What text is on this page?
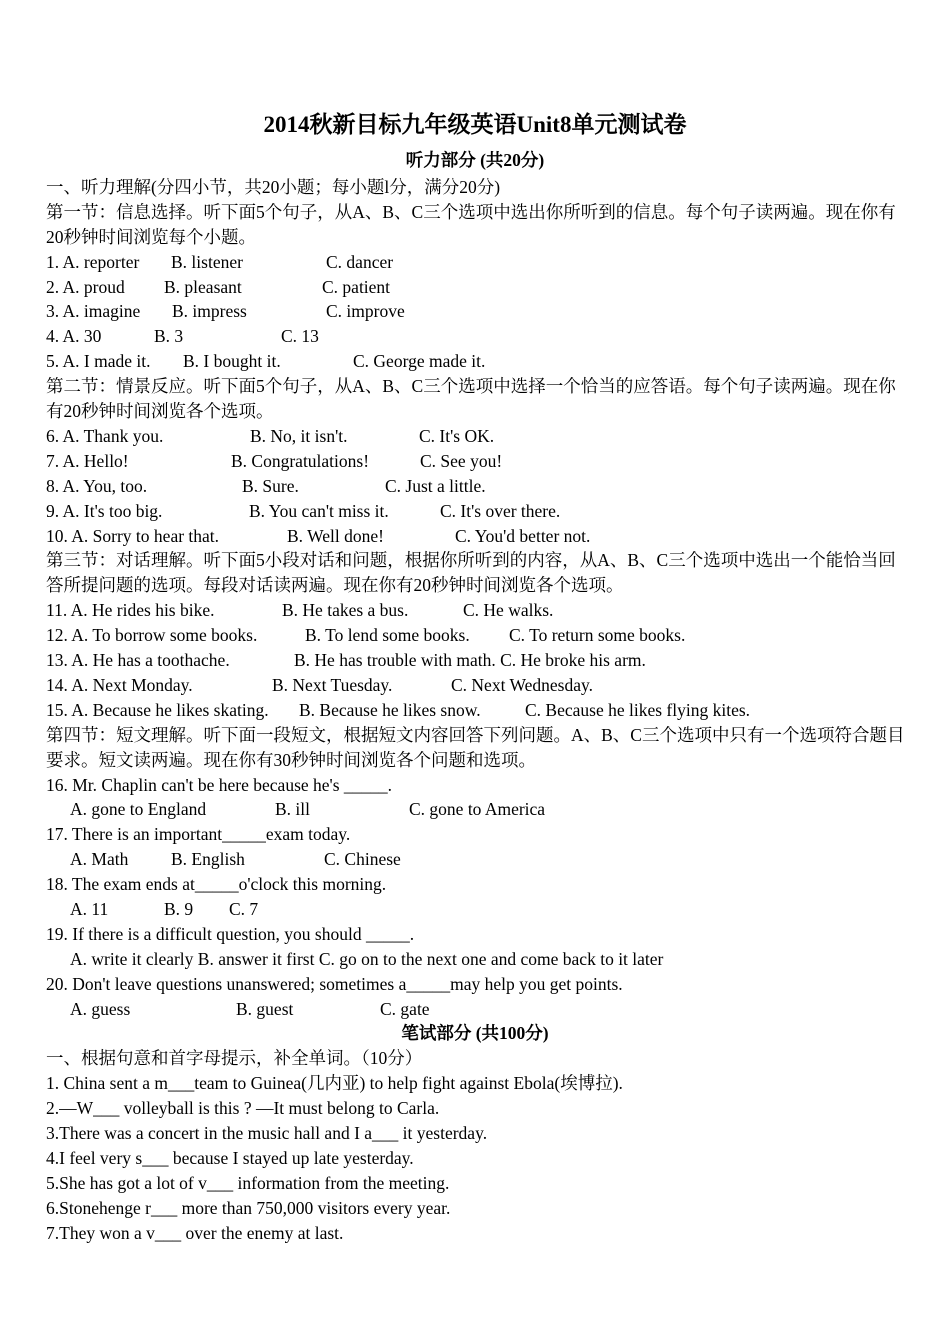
2014秋新目标九年级英语Unit8单元测试卷
听力部分 (共20分)
一、听力理解(分四小节，共20小题；每小题l分，满分20分)
第一节：信息选择。听下面5个句子，从A、B、C三个选项中选出你所听到的信息。每个句子读两遍。现在你有20秒钟时间浏览每个小题。
1. A. reporter B. listener	C. dancer
2. A. proud B. pleasant	C. patient
3. A. imagine B. impress	C. improve
4. A. 30	B. 3	C. 13
5. A. I made it. B. I bought it.	C. George made it.
第二节：情景反应。听下面5个句子，从A、B、C三个选项中选择一个恰当的应答语。每个句子读两遍。现在你有20秒钟时间浏览各个选项。
6. A. Thank you.	B. No, it isn't.	C. It's OK.
7. A. Hello!	B. Congratulations!	C. See you!
8. A. You, too.	B. Sure.	C. Just a little.
9. A. It's too big.	B. You can't miss it.	C. It's over there.
10. A. Sorry to hear that.	B. Well done!	C. You'd better not.
第三节：对话理解。听下面5小段对话和问题，根据你所听到的内容，从A、B、C三个选项中选出一个能恰当回答所提问题的选项。每段对话读两遍。现在你有20秒钟时间浏览各个选项。
11. A. He rides his bike.	B. He takes a bus.	C. He walks.
12. A. To borrow some books.	B. To lend some books. C. To return some books.
13. A. He has a toothache.	B. He has trouble with math. C. He broke his arm.
14. A. Next Monday.	B. Next Tuesday.	C. Next Wednesday.
15. A. Because he likes skating. B. Because he likes snow.	C. Because he likes flying kites.
第四节：短文理解。听下面一段短文，根据短文内容回答下列问题。A、B、C三个选项中只有一个选项符合题目要求。短文读两遍。现在你有30秒钟时间浏览各个问题和选项。
16. Mr. Chaplin can't be here because he's _____.
A. gone to England	B. ill	C. gone to America
17. There is an important_____exam today.
A. Math B. English	C. Chinese
18. The exam ends at_____o'clock this morning.
A. 11	B. 9 C. 7
19. If there is a difficult question, you should _____.
A. write it clearly B. answer it first C. go on to the next one and come back to it later
20. Don't leave questions unanswered; sometimes a_____may help you get points.
A. guess	B. guest	C. gate
笔试部分 (共100分)
一、根据句意和首字母提示，补全单词。（10分）
1. China sent a m___team to Guinea(几内亚) to help fight against Ebola(埃博拉).
2.—W___ volleyball is this ? —It must belong to Carla.
3.There was a concert in the music hall and I a___ it yesterday.
4.I feel very s___ because I stayed up late yesterday.
5.She has got a lot of v___ information from the meeting.
6.Stonehenge r___ more than 750,000 visitors every year.
7.They won a v___ over the enemy at last.
